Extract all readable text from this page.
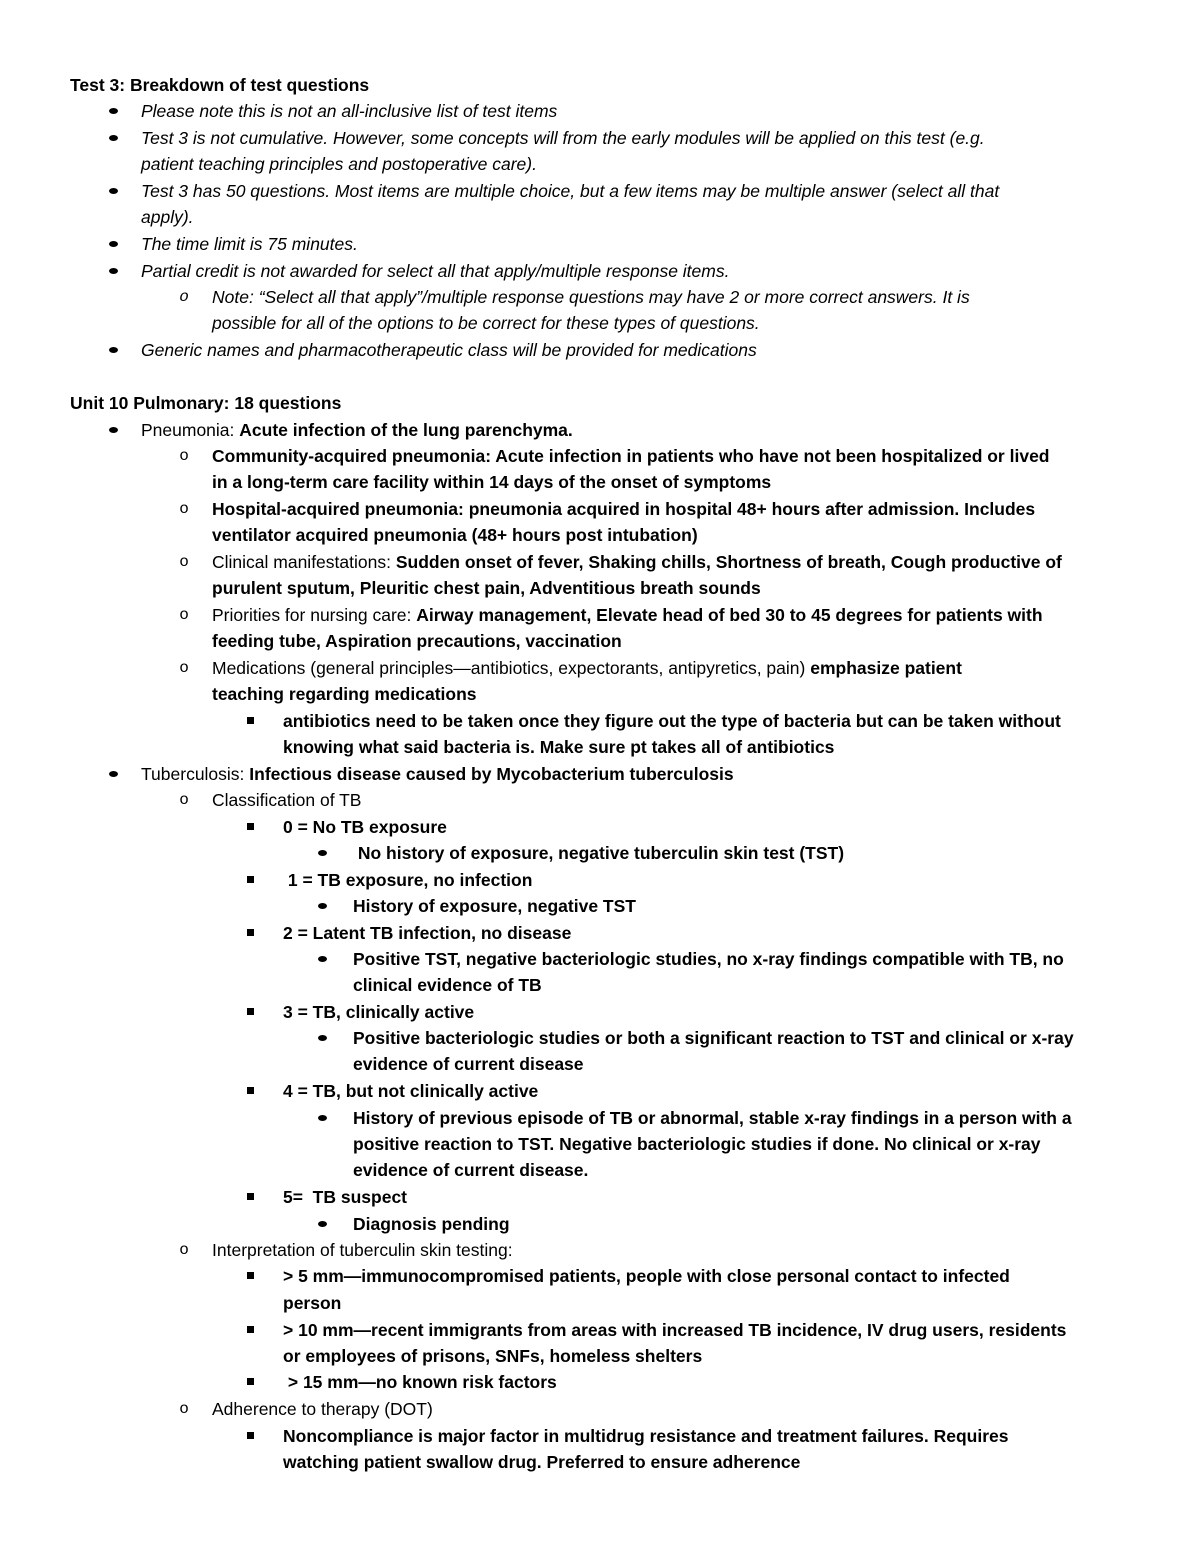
Test 3: Breakdown of test questions
Please note this is not an all-inclusive list of test items
Test 3 is not cumulative. However, some concepts will from the early modules will be applied on this test (e.g.
patient teaching principles and postoperative care).
Test 3 has 50 questions. Most items are multiple choice, but a few items may be multiple answer (select all that
apply).
The time limit is 75 minutes.
Partial credit is not awarded for select all that apply/multiple response items.
o Note: “Select all that apply”/multiple response questions may have 2 or more correct answers. It is
possible for all of the options to be correct for these types of questions.
Generic names and pharmacotherapeutic class will be provided for medications
Unit 10 Pulmonary: 18 questions
Pneumonia: Acute infection of the lung parenchyma.
o Community-acquired pneumonia: Acute infection in patients who have not been hospitalized or lived
in a long-term care facility within 14 days of the onset of symptoms
o Hospital-acquired pneumonia: pneumonia acquired in hospital 48+ hours after admission. Includes
ventilator acquired pneumonia (48+ hours post intubation)
o Clinical manifestations: Sudden onset of fever, Shaking chills, Shortness of breath, Cough productive of
purulent sputum, Pleuritic chest pain, Adventitious breath sounds
o Priorities for nursing care: Airway management, Elevate head of bed 30 to 45 degrees for patients with
feeding tube, Aspiration precautions, vaccination
o Medications (general principles—antibiotics, expectorants, antipyretics, pain) emphasize patient
teaching regarding medications
antibiotics need to be taken once they figure out the type of bacteria but can be taken without
knowing what said bacteria is. Make sure pt takes all of antibiotics
Tuberculosis: Infectious disease caused by Mycobacterium tuberculosis
o Classification of TB
0 = No TB exposure
No history of exposure, negative tuberculin skin test (TST)
1 = TB exposure, no infection
History of exposure, negative TST
2 = Latent TB infection, no disease
Positive TST, negative bacteriologic studies, no x-ray findings compatible with TB, no
clinical evidence of TB
3 = TB, clinically active
Positive bacteriologic studies or both a significant reaction to TST and clinical or x-ray
evidence of current disease
4 = TB, but not clinically active
History of previous episode of TB or abnormal, stable x-ray findings in a person with a
positive reaction to TST. Negative bacteriologic studies if done. No clinical or x-ray
evidence of current disease.
5=  TB suspect
Diagnosis pending
o Interpretation of tuberculin skin testing:
> 5 mm—immunocompromised patients, people with close personal contact to infected
person
> 10 mm—recent immigrants from areas with increased TB incidence, IV drug users, residents
or employees of prisons, SNFs, homeless shelters
> 15 mm—no known risk factors
o Adherence to therapy (DOT)
Noncompliance is major factor in multidrug resistance and treatment failures. Requires
watching patient swallow drug. Preferred to ensure adherence
